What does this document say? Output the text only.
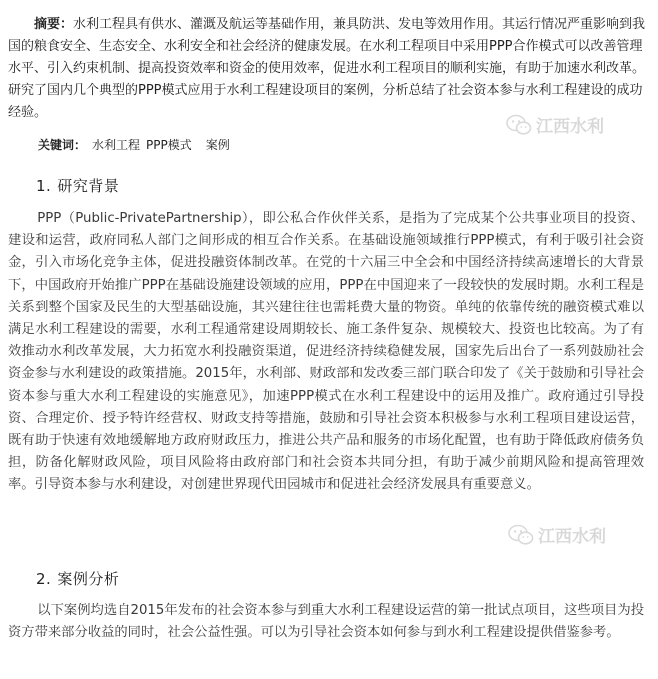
摘要：水利工程具有供水、灌溉及航运等基础作用，兼具防洪、发电等效用作用。其运行情况严重影响到我国的粮食安全、生态安全、水利安全和社会经济的健康发展。在水利工程项目中采用PPP合作模式可以改善管理水平、引入约束机制、提高投资效率和资金的使用效率，促进水利工程项目的顺利实施，有助于加速水利改革。研究了国内几个典型的PPP模式应用于水利工程建设项目的案例，分析总结了社会资本参与水利工程建设的成功经验。
江西水利
关键词： 水利工程 PPP模式 案例
1. 研究背景
PPP（Public-PrivatePartnership），即公私合作伙伴关系，是指为了完成某个公共事业项目的投资、建设和运营，政府同私人部门之间形成的相互合作关系。在基础设施领域推行PPP模式，有利于吸引社会资金，引入市场化竞争主体，促进投融资体制改革。在党的十六届三中全会和中国经济持续高速增长的大背景下，中国政府开始推广PPP在基础设施建设领域的应用，PPP在中国迎来了一段较快的发展时期。水利工程是关系到整个国家及民生的大型基础设施，其兴建往往也需耗费大量的物资。单纯的依靠传统的融资模式难以满足水利工程建设的需要，水利工程通常建设周期较长、施工条件复杂、规模较大、投资也比较高。为了有效推动水利改革发展，大力拓宽水利投融资渠道，促进经济持续稳健发展，国家先后出台了一系列鼓励社会资金参与水利建设的政策措施。2015年，水利部、财政部和发改委三部门联合印发了《关于鼓励和引导社会资本参与重大水利工程建设的实施意见》，加速PPP模式在水利工程建设中的运用及推广。政府通过引导投资、合理定价、授予特许经营权、财政支持等措施，鼓励和引导社会资本积极参与水利工程项目建设运营，既有助于快速有效地缓解地方政府财政压力，推进公共产品和服务的市场化配置，也有助于降低政府债务负担，防备化解财政风险，项目风险将由政府部门和社会资本共同分担，有助于减少前期风险和提高管理效率。引导资本参与水利建设，对创建世界现代田园城市和促进社会经济发展具有重要意义。
江西水利
2. 案例分析
以下案例均选自2015年发布的社会资本参与到重大水利工程建设运营的第一批试点项目，这些项目为投资方带来部分收益的同时，社会公益性强。可以为引导社会资本如何参与到水利工程建设提供借鉴参考。
